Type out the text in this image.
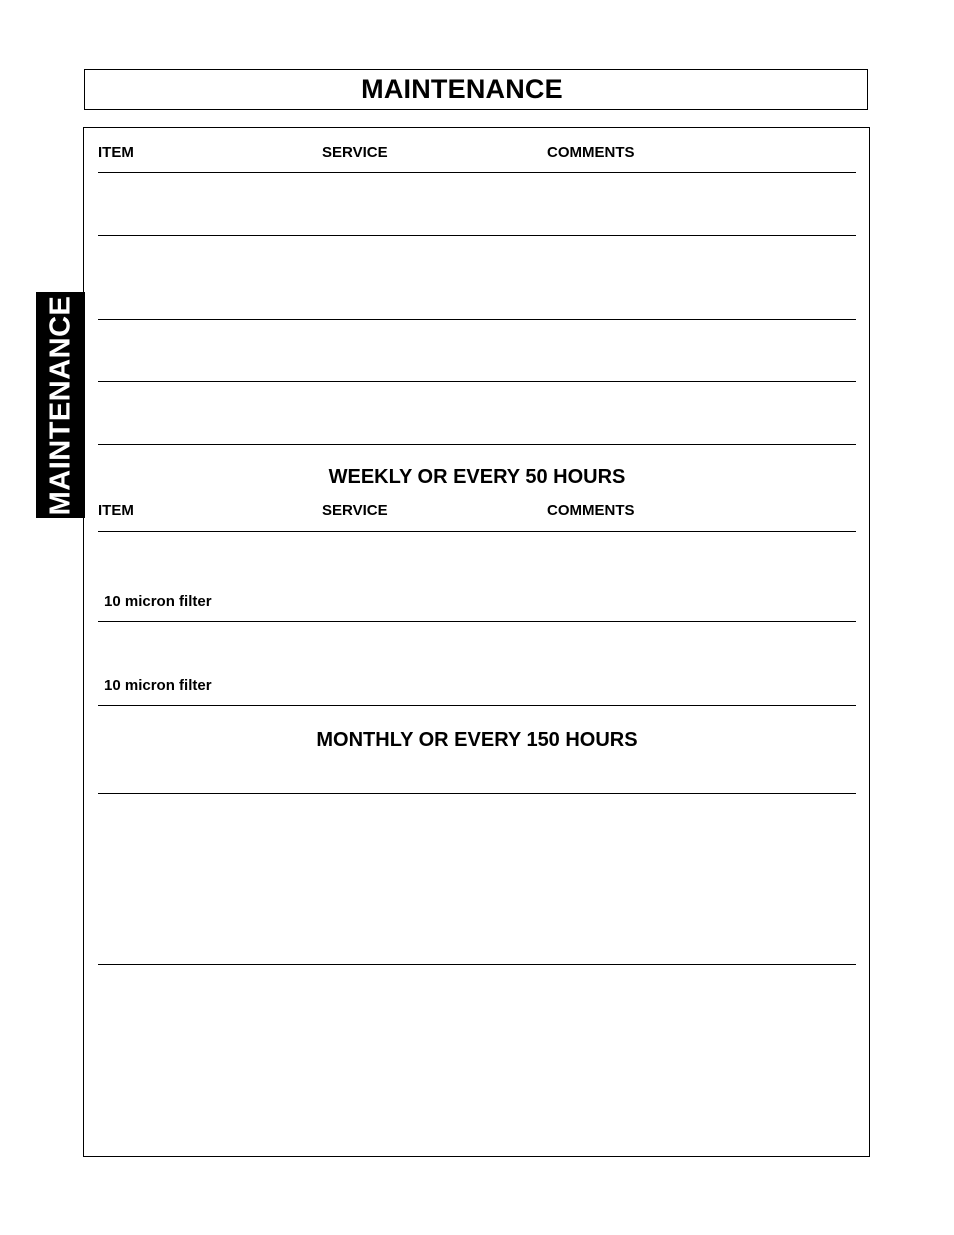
MAINTENANCE
MAINTENANCE
ITEM	SERVICE	COMMENTS
WEEKLY OR EVERY 50 HOURS
ITEM	SERVICE	COMMENTS
10 micron filter
10 micron filter
MONTHLY OR EVERY 150 HOURS
